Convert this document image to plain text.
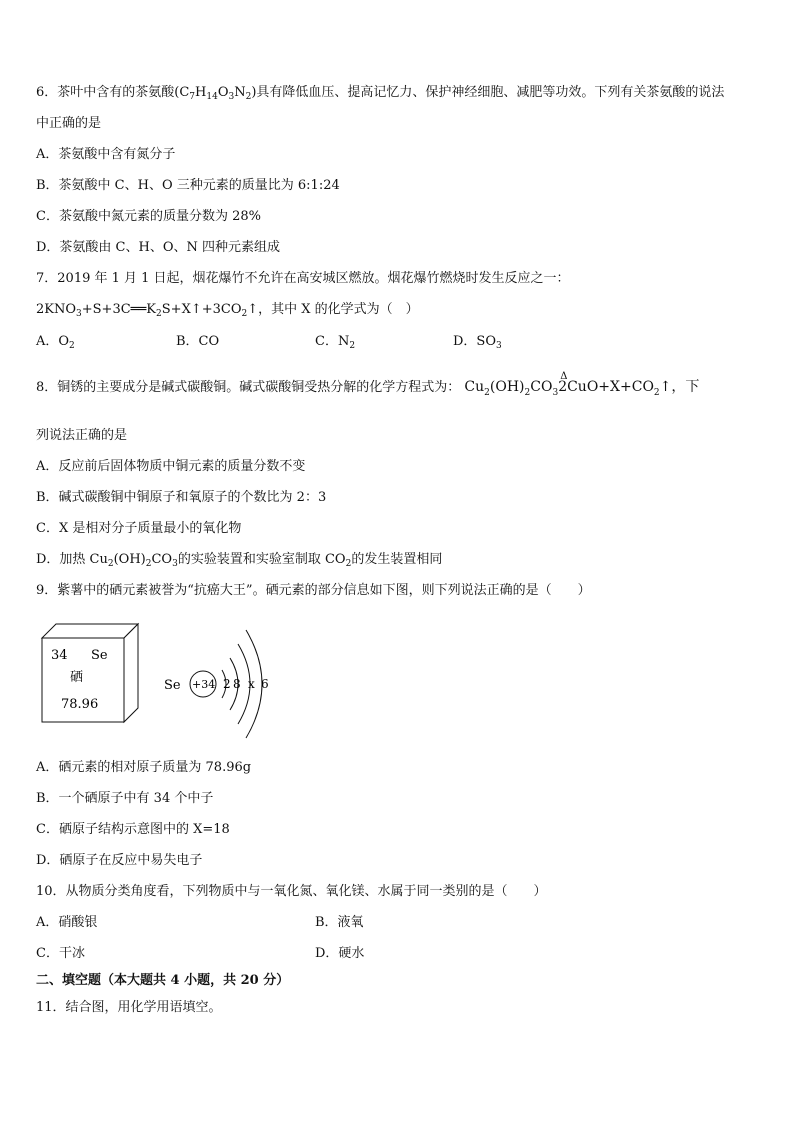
6．茶叶中含有的茶氨酸$(C_7H_{14}O_3N_2)$具有降低血压、提高记忆力、保护神经细胞、减肥等功效。下列有关茶氨酸的说法
中正确的是
A．茶氨酸中含有氮分子
B．茶氨酸中 C、H、O 三种元素的质量比为 6:1:24
C．茶氨酸中氮元素的质量分数为 28%
D．茶氨酸由 C、H、O、N 四种元素组成
7．2019 年 1 月 1 日起，烟花爆竹不允许在高安城区燃放。烟花爆竹燃烧时发生反应之一：
$2KNO_3+S+3C══K_2S+X↑+3CO_2↑$，其中 X 的化学式为（　）
A．$O_2$	B．CO	C．$N_2$	D．$SO_3$
8．铜锈的主要成分是碱式碳酸铜。碱式碳酸铜受热分解的化学方程式为： $Cu_2(OH)_2CO_3$
Δ
$2CuO+X+CO_2↑$，下
列说法正确的是
A．反应前后固体物质中铜元素的质量分数不变
B．碱式碳酸铜中铜原子和氧原子的个数比为 2：3
C．X 是相对分子质量最小的氧化物
D．加热 $Cu_2(OH)_2CO_3$的实验装置和实验室制取 $CO_2$的发生装置相同
9．紫薯中的硒元素被誉为“抗癌大王”。硒元素的部分信息如下图，则下列说法正确的是（　　）
34 Se
硒
78.96
Se +34 2 8 x 6
A．硒元素的相对原子质量为 78.96g
B．一个硒原子中有 34 个中子
C．硒原子结构示意图中的 X=18
D．硒原子在反应中易失电子
10．从物质分类角度看，下列物质中与一氧化氮、氧化镁、水属于同一类别的是（　　）
A．硝酸银	B．液氧
C．干冰	D．硬水
二、填空题（本大题共 4 小题，共 20 分）
11．结合图，用化学用语填空。
